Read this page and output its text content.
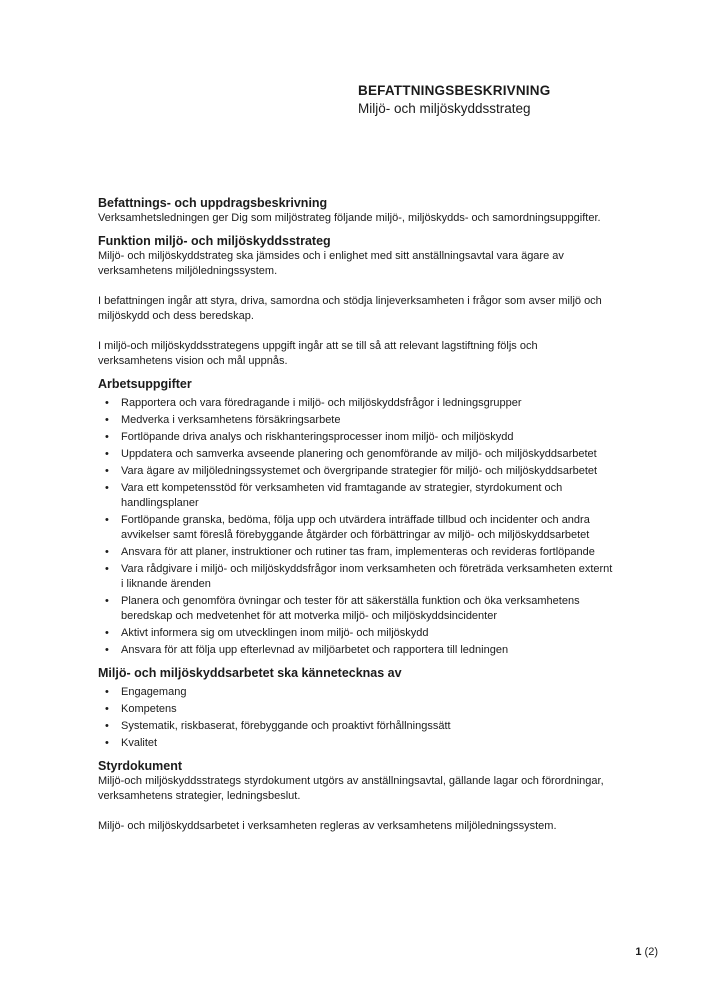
BEFATTNINGSBESKRIVNING
Miljö- och miljöskyddsstrateg
Befattnings- och uppdragsbeskrivning

Verksamhetsledningen ger Dig som miljöstrateg följande miljö-, miljöskydds- och samordningsuppgifter.

Funktion miljö- och miljöskyddsstrateg

Miljö- och miljöskyddstrateg ska jämsides och i enlighet med sitt anställningsavtal vara ägare av verksamhetens miljöledningssystem.

I befattningen ingår att styra, driva, samordna och stödja linjeverksamheten i frågor som avser miljö och miljöskydd och dess beredskap.

I miljö-och miljöskyddsstrategens uppgift ingår att se till så att relevant lagstiftning följs och verksamhetens vision och mål uppnås.

Arbetsuppgifter
• Rapportera och vara föredragande i miljö- och miljöskyddsfrågor i ledningsgrupper
• Medverka i verksamhetens försäkringsarbete
• Fortlöpande driva analys och riskhanteringsprocesser inom miljö- och miljöskydd
• Uppdatera och samverka avseende planering och genomförande av miljö- och miljöskyddsarbetet
• Vara ägare av miljöledningssystemet och övergripande strategier för miljö- och miljöskyddsarbetet
• Vara ett kompetensstöd för verksamheten vid framtagande av strategier, styrdokument och handlingsplaner
• Fortlöpande granska, bedöma, följa upp och utvärdera inträffade tillbud och incidenter och andra avvikelser samt föreslå förebyggande åtgärder och förbättringar av miljö- och miljöskyddsarbetet
• Ansvara för att planer, instruktioner och rutiner tas fram, implementeras och revideras fortlöpande
• Vara rådgivare i miljö- och miljöskyddsfrågor inom verksamheten och företräda verksamheten externt i liknande ärenden
• Planera och genomföra övningar och tester för att säkerställa funktion och öka verksamhetens beredskap och medvetenhet för att motverka miljö- och miljöskyddsincidenter
• Aktivt informera sig om utvecklingen inom miljö- och miljöskydd
• Ansvara för att följa upp efterlevnad av miljöarbetet och rapportera till ledningen
Miljö- och miljöskyddsarbetet ska kännetecknas av
• Engagemang
• Kompetens
• Systematik, riskbaserat, förebyggande och proaktivt förhållningssätt
• Kvalitet
Styrdokument

Miljö-och miljöskyddsstrategs styrdokument utgörs av anställningsavtal, gällande lagar och förordningar, verksamhetens strategier, ledningsbeslut.

Miljö- och miljöskyddsarbetet i verksamheten regleras av verksamhetens miljöledningssystem.

1 (2)
